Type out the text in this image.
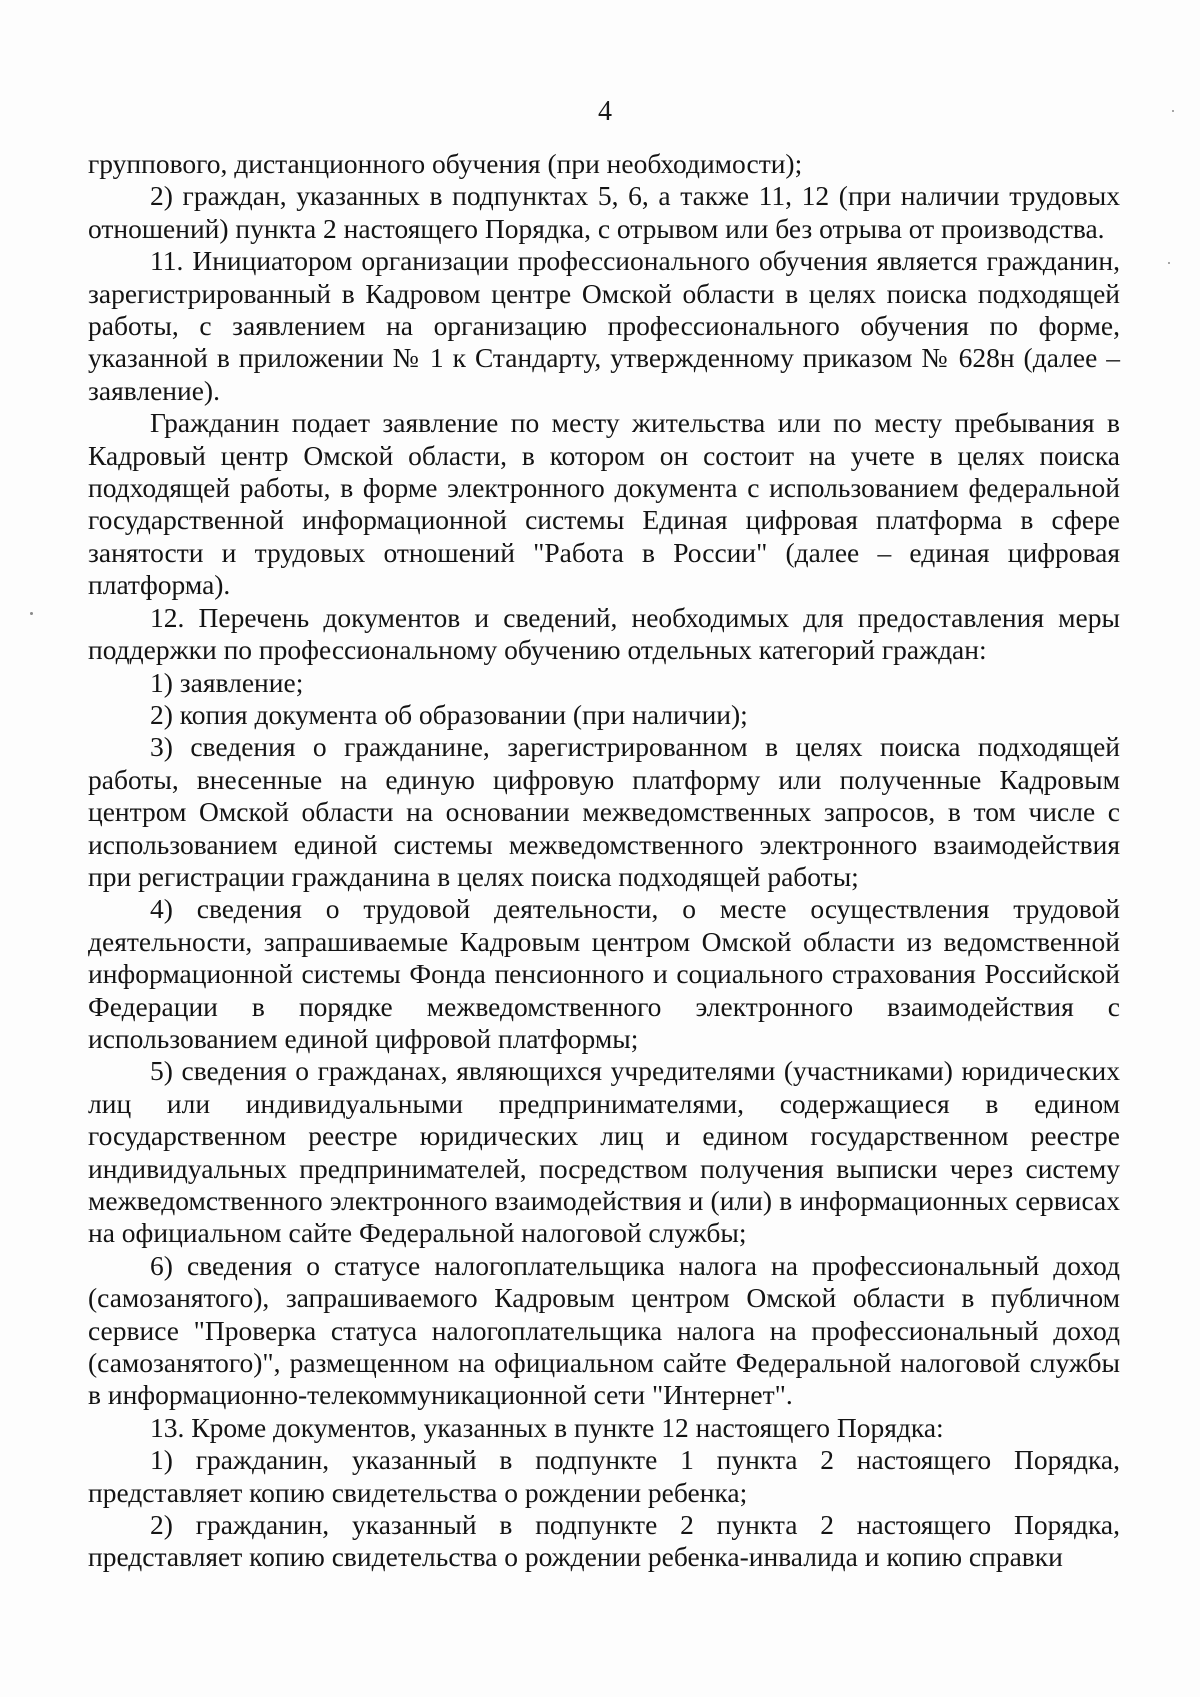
4

группового, дистанционного обучения (при необходимости);

2) граждан, указанных в подпунктах 5, 6, а также 11, 12 (при наличии трудовых отношений) пункта 2 настоящего Порядка, с отрывом или без отрыва от производства.

11. Инициатором организации профессионального обучения является гражданин, зарегистрированный в Кадровом центре Омской области в целях поиска подходящей работы, с заявлением на организацию профессионального обучения по форме, указанной в приложении № 1 к Стандарту, утвержденному приказом № 628н (далее – заявление).

Гражданин подает заявление по месту жительства или по месту пребывания в Кадровый центр Омской области, в котором он состоит на учете в целях поиска подходящей работы, в форме электронного документа с использованием федеральной государственной информационной системы Единая цифровая платформа в сфере занятости и трудовых отношений "Работа в России" (далее – единая цифровая платформа).

12. Перечень документов и сведений, необходимых для предоставления меры поддержки по профессиональному обучению отдельных категорий граждан:

1) заявление;

2) копия документа об образовании (при наличии);

3) сведения о гражданине, зарегистрированном в целях поиска подходящей работы, внесенные на единую цифровую платформу или полученные Кадровым центром Омской области на основании межведомственных запросов, в том числе с использованием единой системы межведомственного электронного взаимодействия при регистрации гражданина в целях поиска подходящей работы;

4) сведения о трудовой деятельности, о месте осуществления трудовой деятельности, запрашиваемые Кадровым центром Омской области из ведомственной информационной системы Фонда пенсионного и социального страхования Российской Федерации в порядке межведомственного электронного взаимодействия с использованием единой цифровой платформы;

5) сведения о гражданах, являющихся учредителями (участниками) юридических лиц или индивидуальными предпринимателями, содержащиеся в едином государственном реестре юридических лиц и едином государственном реестре индивидуальных предпринимателей, посредством получения выписки через систему межведомственного электронного взаимодействия и (или) в информационных сервисах на официальном сайте Федеральной налоговой службы;

6) сведения о статусе налогоплательщика налога на профессиональный доход (самозанятого), запрашиваемого Кадровым центром Омской области в публичном сервисе "Проверка статуса налогоплательщика налога на профессиональный доход (самозанятого)", размещенном на официальном сайте Федеральной налоговой службы в информационно-телекоммуникационной сети "Интернет".

13. Кроме документов, указанных в пункте 12 настоящего Порядка:

1) гражданин, указанный в подпункте 1 пункта 2 настоящего Порядка, представляет копию свидетельства о рождении ребенка;

2) гражданин, указанный в подпункте 2 пункта 2 настоящего Порядка, представляет копию свидетельства о рождении ребенка-инвалида и копию справки
